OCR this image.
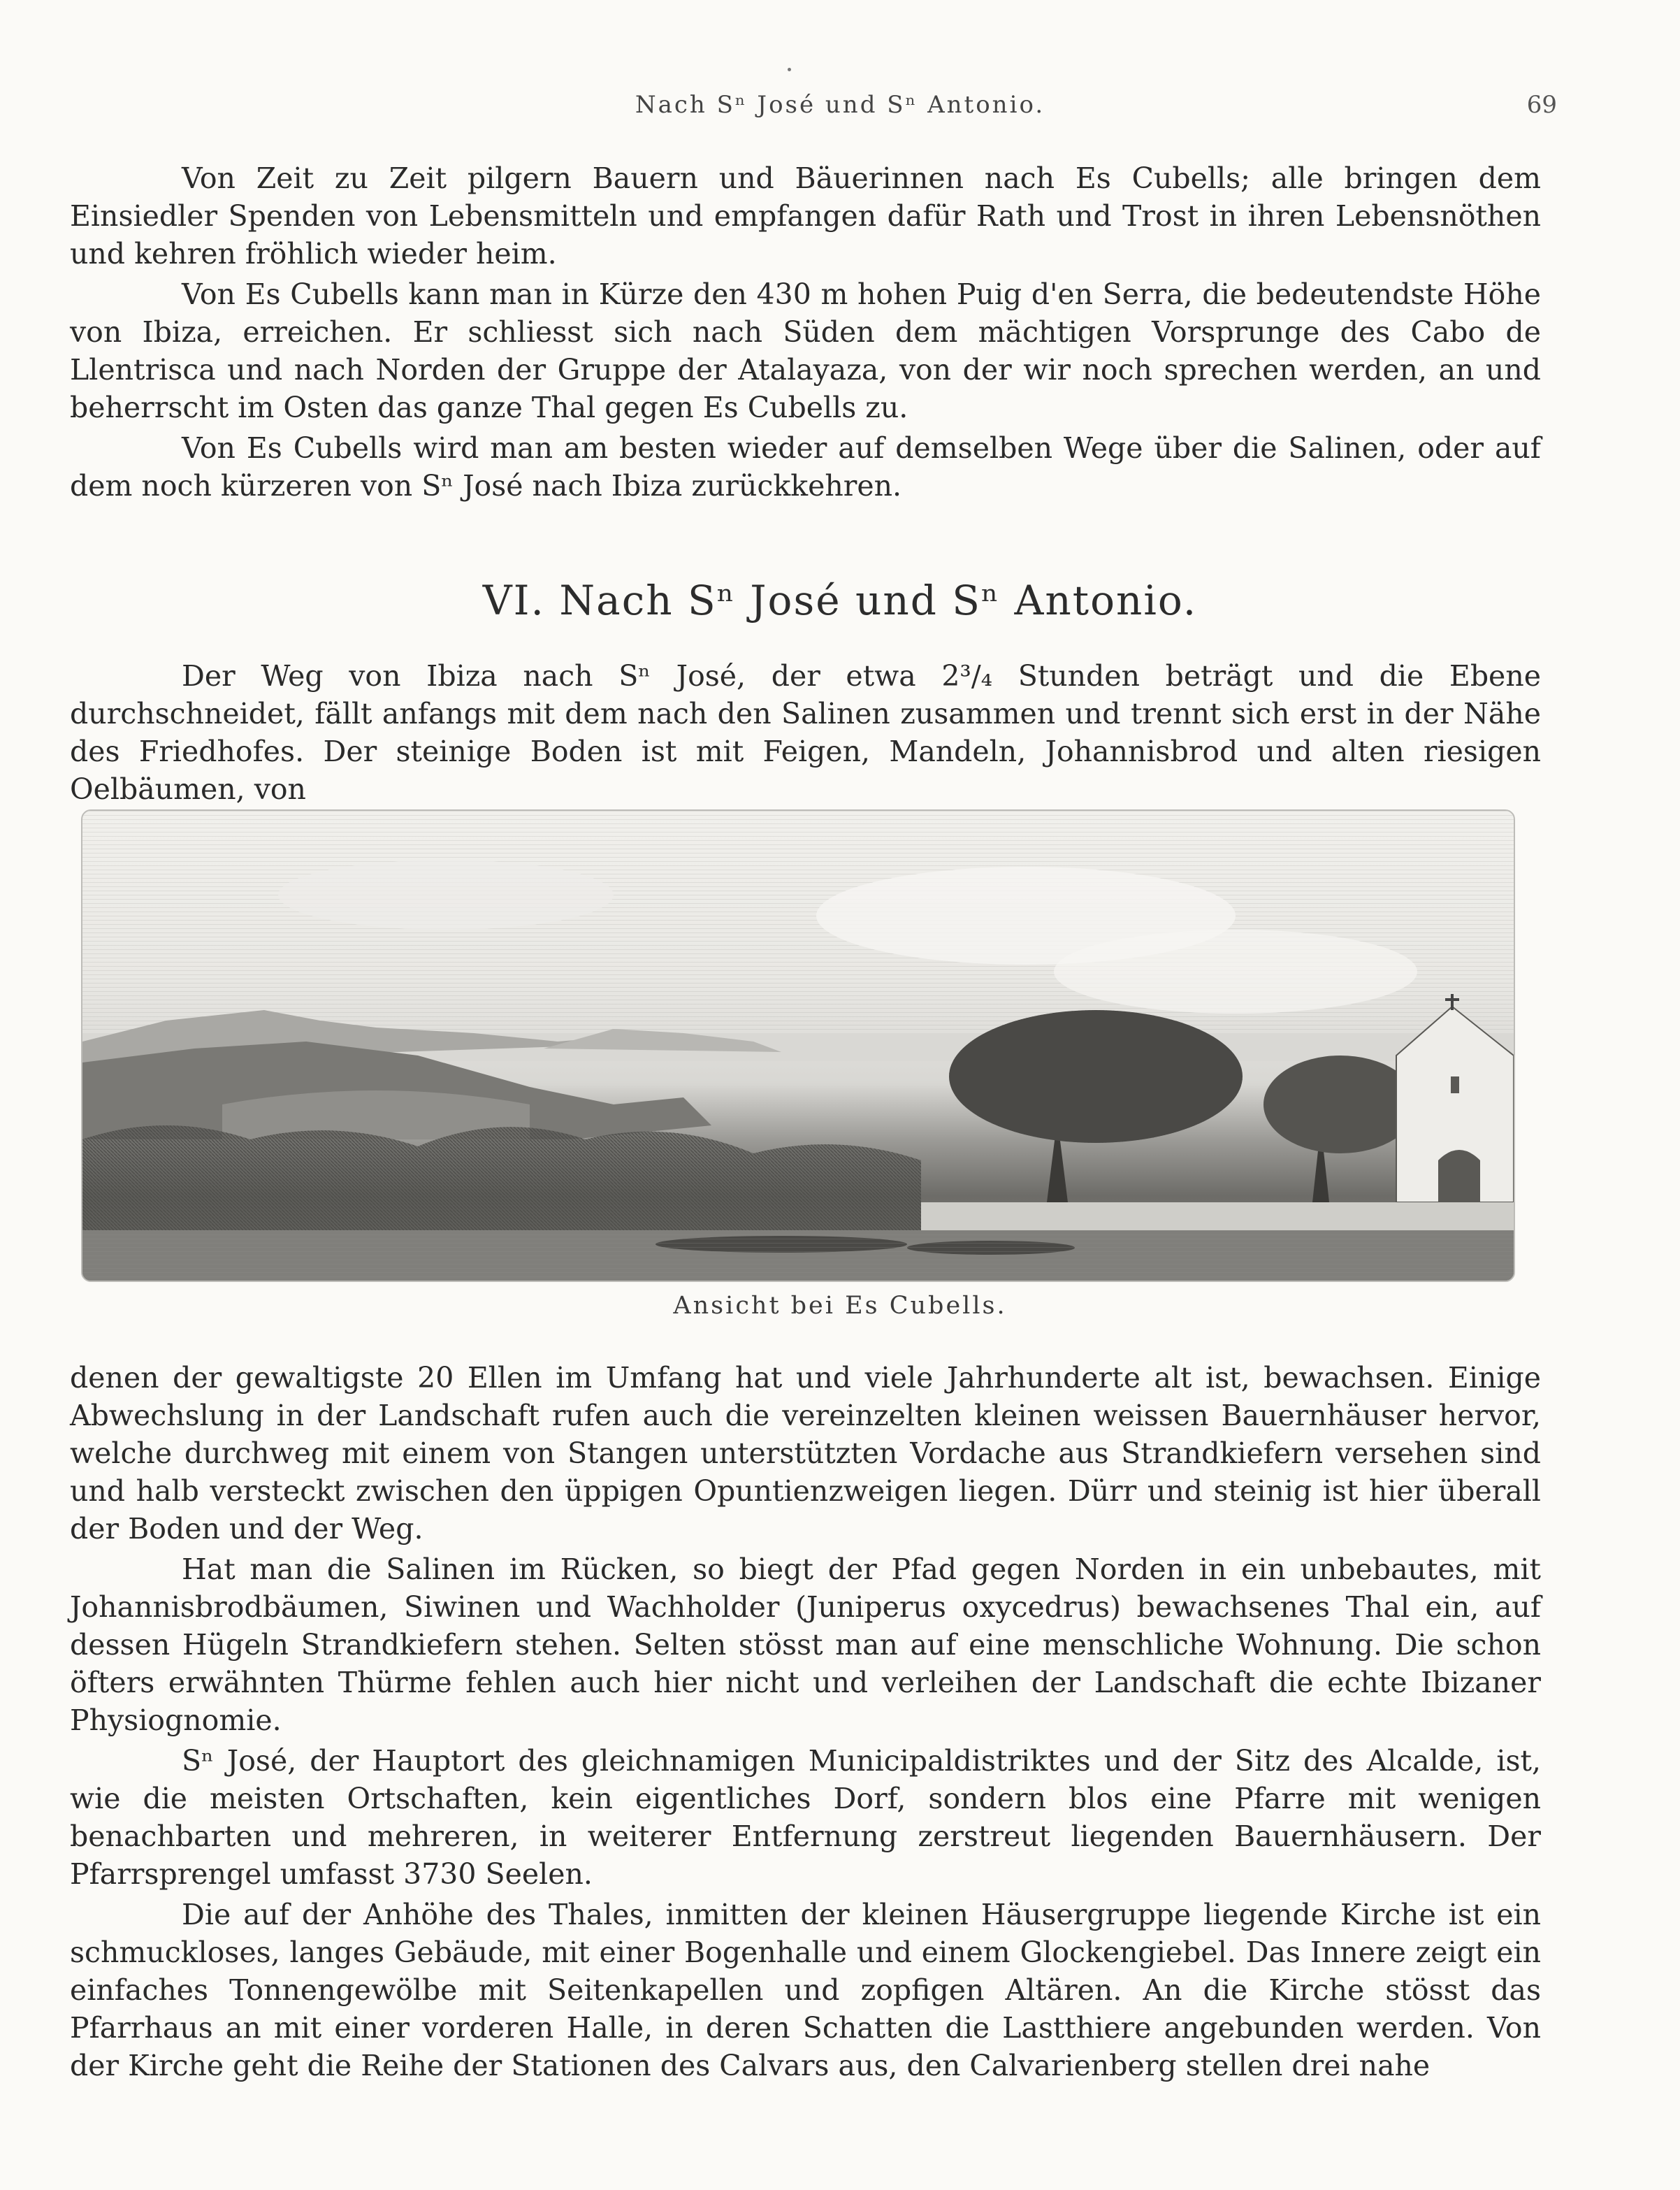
Nach Sⁿ José und Sⁿ Antonio.	69

Von Zeit zu Zeit pilgern Bauern und Bäuerinnen nach Es Cubells; alle bringen dem Einsiedler Spenden von Lebensmitteln und empfangen dafür Rath und Trost in ihren Lebensnöthen und kehren fröhlich wieder heim.

Von Es Cubells kann man in Kürze den 430 m hohen Puig d'en Serra, die bedeutendste Höhe von Ibiza, erreichen. Er schliesst sich nach Süden dem mächtigen Vorsprunge des Cabo de Llentrisca und nach Norden der Gruppe der Atalayaza, von der wir noch sprechen werden, an und beherrscht im Osten das ganze Thal gegen Es Cubells zu.

Von Es Cubells wird man am besten wieder auf demselben Wege über die Salinen, oder auf dem noch kürzeren von Sⁿ José nach Ibiza zurückkehren.

VI. Nach Sⁿ José und Sⁿ Antonio.

Der Weg von Ibiza nach Sⁿ José, der etwa 2³/₄ Stunden beträgt und die Ebene durchschneidet, fällt anfangs mit dem nach den Salinen zusammen und trennt sich erst in der Nähe des Friedhofes. Der steinige Boden ist mit Feigen, Mandeln, Johannisbrod und alten riesigen Oelbäumen, von

Ansicht bei Es Cubells.

denen der gewaltigste 20 Ellen im Umfang hat und viele Jahrhunderte alt ist, bewachsen. Einige Abwechslung in der Landschaft rufen auch die vereinzelten kleinen weissen Bauernhäuser hervor, welche durchweg mit einem von Stangen unterstützten Vordache aus Strandkiefern versehen sind und halb versteckt zwischen den üppigen Opuntienzweigen liegen. Dürr und steinig ist hier überall der Boden und der Weg.

Hat man die Salinen im Rücken, so biegt der Pfad gegen Norden in ein unbebautes, mit Johannisbrodbäumen, Siwinen und Wachholder (Juniperus oxycedrus) bewachsenes Thal ein, auf dessen Hügeln Strandkiefern stehen. Selten stösst man auf eine menschliche Wohnung. Die schon öfters erwähnten Thürme fehlen auch hier nicht und verleihen der Landschaft die echte Ibizaner Physiognomie.

Sⁿ José, der Hauptort des gleichnamigen Municipaldistriktes und der Sitz des Alcalde, ist, wie die meisten Ortschaften, kein eigentliches Dorf, sondern blos eine Pfarre mit wenigen benachbarten und mehreren, in weiterer Entfernung zerstreut liegenden Bauernhäusern. Der Pfarrsprengel umfasst 3730 Seelen.

Die auf der Anhöhe des Thales, inmitten der kleinen Häusergruppe liegende Kirche ist ein schmuckloses, langes Gebäude, mit einer Bogenhalle und einem Glockengiebel. Das Innere zeigt ein einfaches Tonnengewölbe mit Seitenkapellen und zopfigen Altären. An die Kirche stösst das Pfarrhaus an mit einer vorderen Halle, in deren Schatten die Lastthiere angebunden werden. Von der Kirche geht die Reihe der Stationen des Calvars aus, den Calvarienberg stellen drei nahe
